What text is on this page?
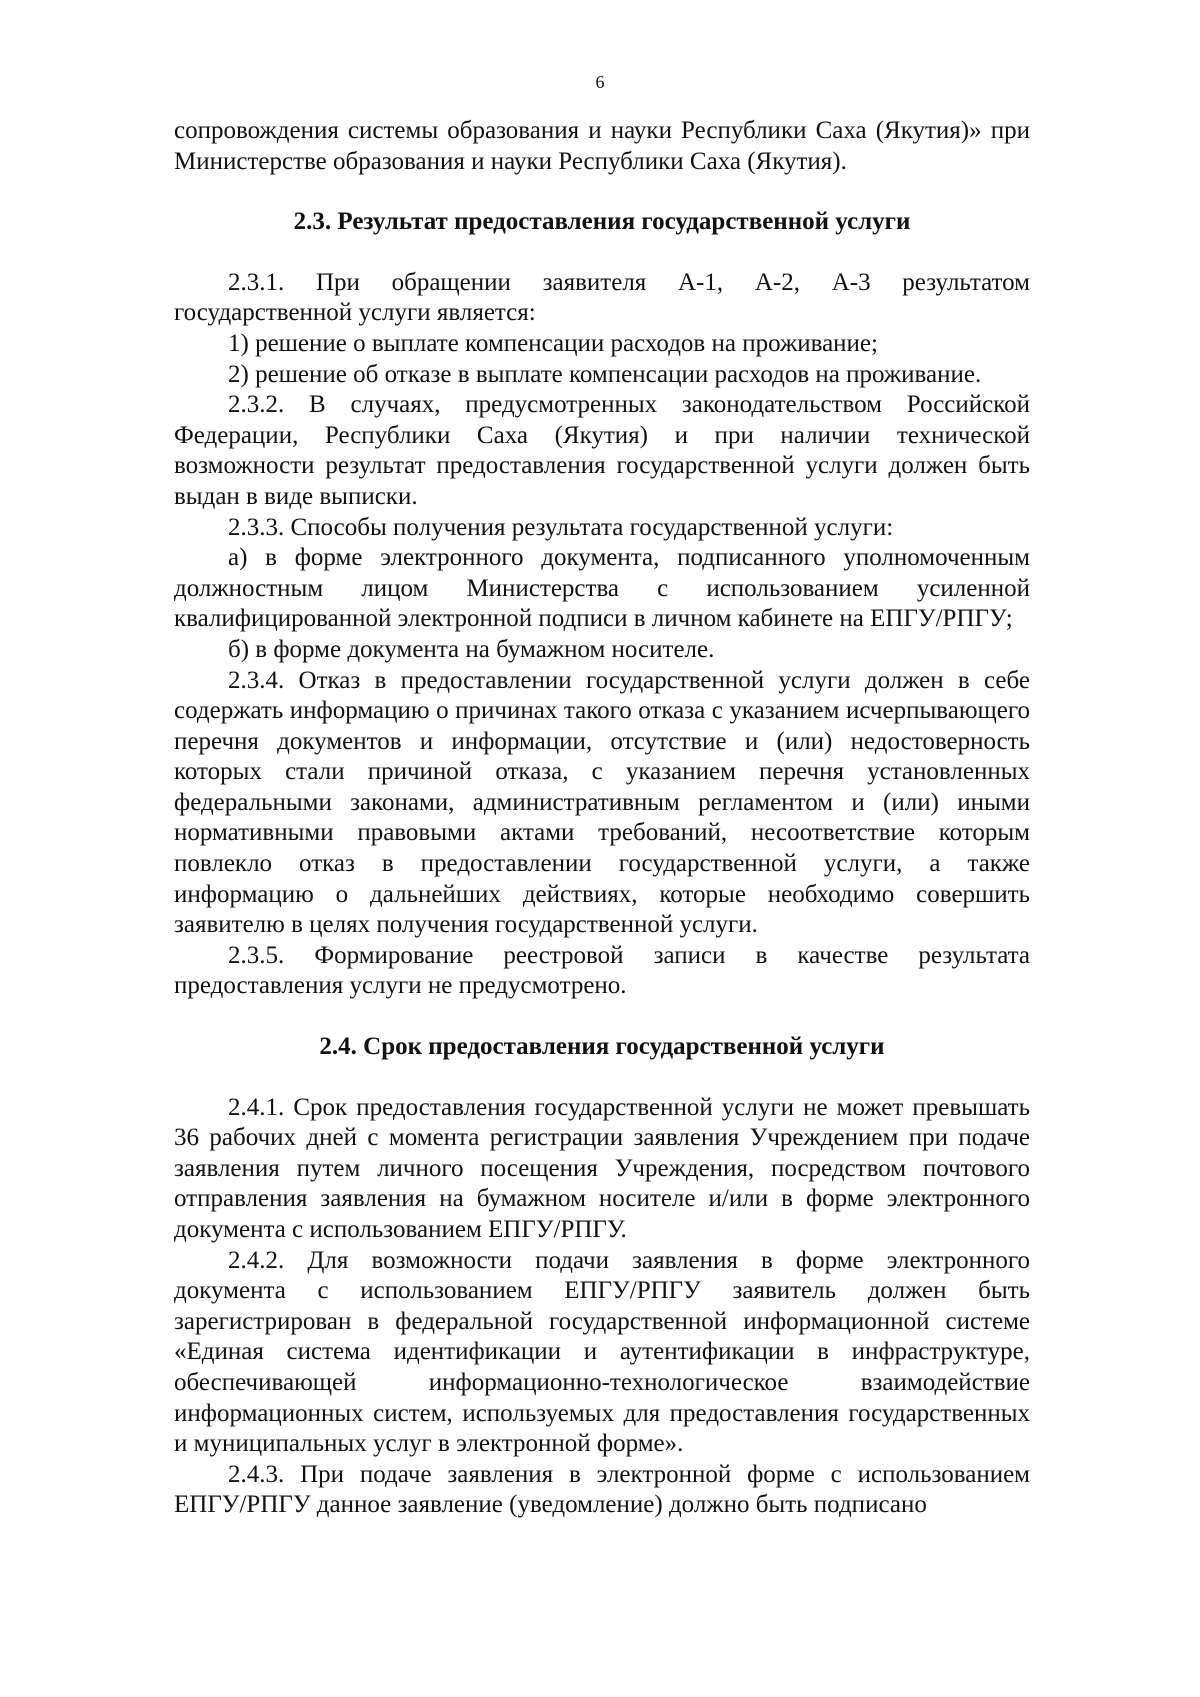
6

сопровождения системы образования и науки Республики Саха (Якутия)» при Министерстве образования и науки Республики Саха (Якутия).

2.3. Результат предоставления государственной услуги

2.3.1. При обращении заявителя А-1, А-2, А-3 результатом государственной услуги является:

1) решение о выплате компенсации расходов на проживание;

2) решение об отказе в выплате компенсации расходов на проживание.

2.3.2. В случаях, предусмотренных законодательством Российской Федерации, Республики Саха (Якутия) и при наличии технической возможности результат предоставления государственной услуги должен быть выдан в виде выписки.

2.3.3. Способы получения результата государственной услуги:

а) в форме электронного документа, подписанного уполномоченным должностным лицом Министерства с использованием усиленной квалифицированной электронной подписи в личном кабинете на ЕПГУ/РПГУ;

б) в форме документа на бумажном носителе.

2.3.4. Отказ в предоставлении государственной услуги должен в себе содержать информацию о причинах такого отказа с указанием исчерпывающего перечня документов и информации, отсутствие и (или) недостоверность которых стали причиной отказа, с указанием перечня установленных федеральными законами, административным регламентом и (или) иными нормативными правовыми актами требований, несоответствие которым повлекло отказ в предоставлении государственной услуги, а также информацию о дальнейших действиях, которые необходимо совершить заявителю в целях получения государственной услуги.

2.3.5. Формирование реестровой записи в качестве результата предоставления услуги не предусмотрено.

2.4. Срок предоставления государственной услуги

2.4.1. Срок предоставления государственной услуги не может превышать 36 рабочих дней с момента регистрации заявления Учреждением при подаче заявления путем личного посещения Учреждения, посредством почтового отправления заявления на бумажном носителе и/или в форме электронного документа с использованием ЕПГУ/РПГУ.

2.4.2. Для возможности подачи заявления в форме электронного документа с использованием ЕПГУ/РПГУ заявитель должен быть зарегистрирован в федеральной государственной информационной системе «Единая система идентификации и аутентификации в инфраструктуре, обеспечивающей информационно-технологическое взаимодействие информационных систем, используемых для предоставления государственных и муниципальных услуг в электронной форме».

2.4.3. При подаче заявления в электронной форме с использованием ЕПГУ/РПГУ данное заявление (уведомление) должно быть подписано
